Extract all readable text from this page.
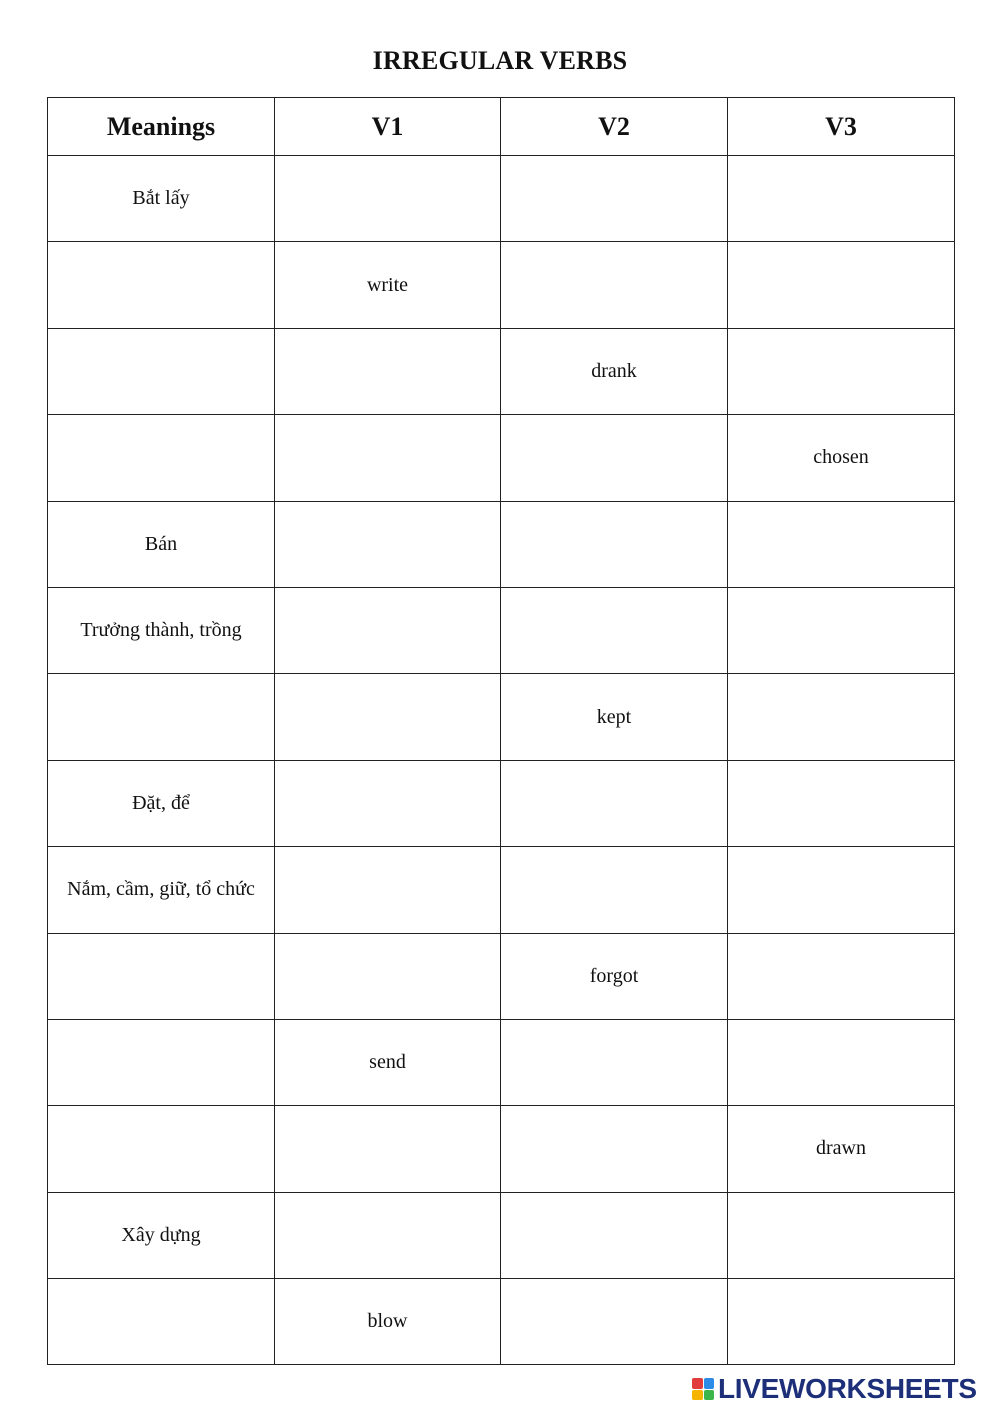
IRREGULAR VERBS
Meanings	V1	V2	V3
Bắt lấy			
	write		
		drank	
			chosen
Bán			
Trưởng thành, trồng			
		kept	
Đặt, để			
Nắm, cầm, giữ, tổ chức			
		forgot	
	send		
			drawn
Xây dựng			
	blow		
LIVEWORKSHEETS
